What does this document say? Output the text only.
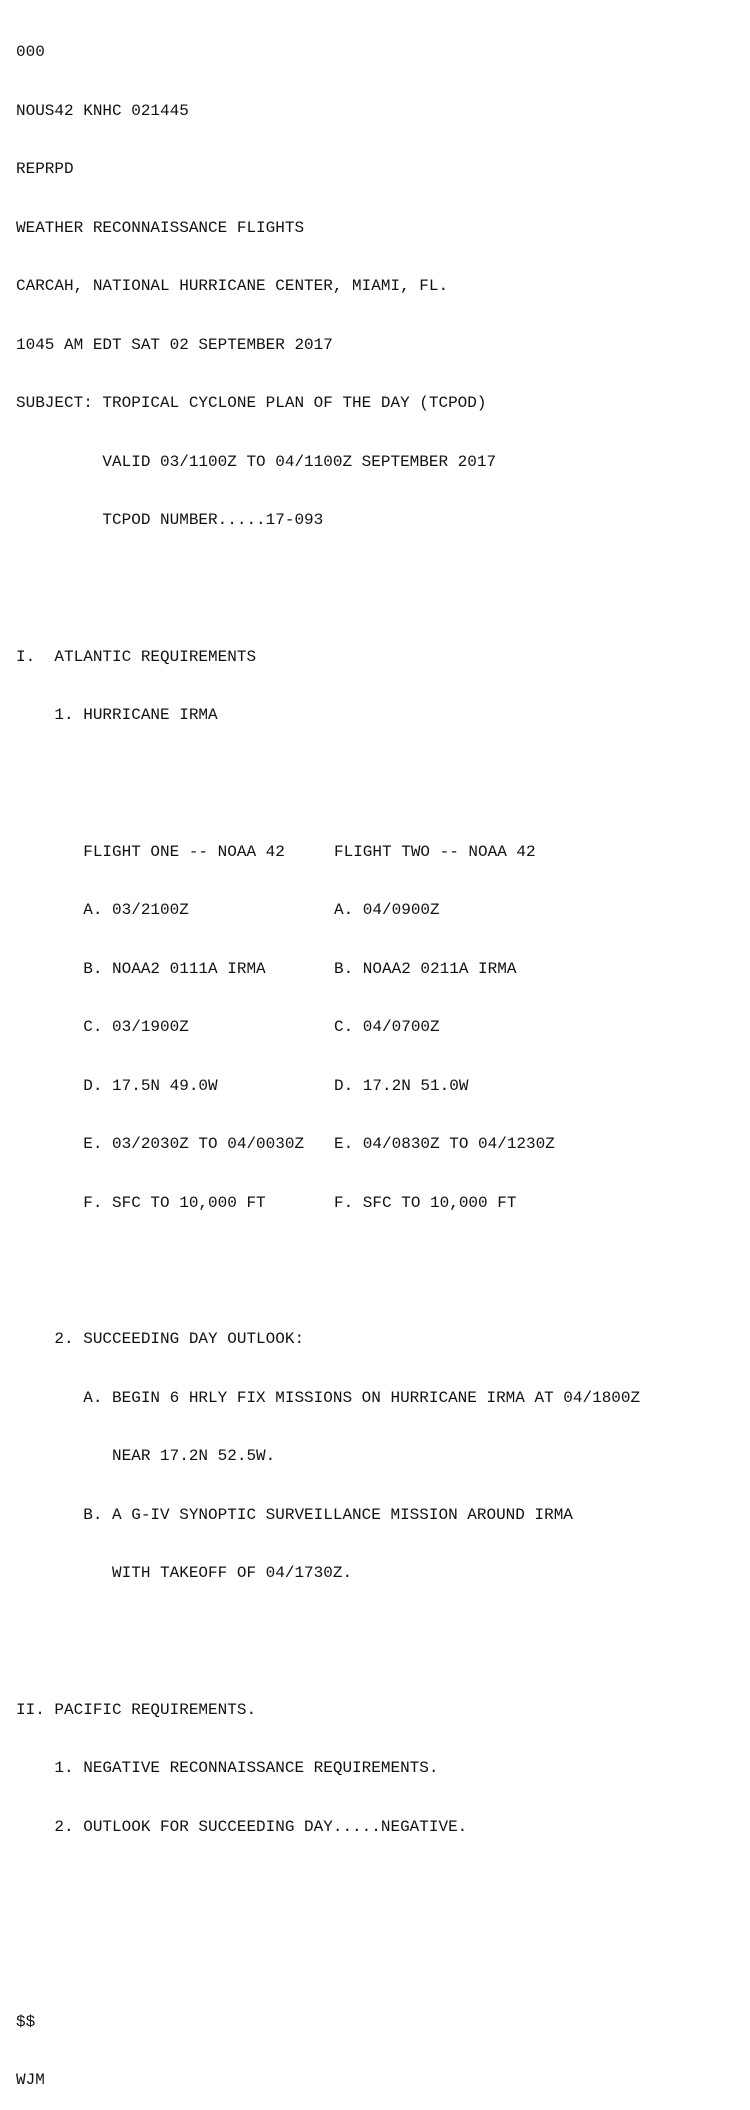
000

NOUS42 KNHC 021445

REPRPD

WEATHER RECONNAISSANCE FLIGHTS

CARCAH, NATIONAL HURRICANE CENTER, MIAMI, FL.

1045 AM EDT SAT 02 SEPTEMBER 2017

SUBJECT: TROPICAL CYCLONE PLAN OF THE DAY (TCPOD)

VALID 03/1100Z TO 04/1100Z SEPTEMBER 2017

TCPOD NUMBER.....17-093

I.  ATLANTIC REQUIREMENTS

1. HURRICANE IRMA

FLIGHT ONE -- NOAA 42	FLIGHT TWO -- NOAA 42

A. 03/2100Z	A. 04/0900Z

B. NOAA2 0111A IRMA	B. NOAA2 0211A IRMA

C. 03/1900Z	C. 04/0700Z

D. 17.5N 49.0W	D. 17.2N 51.0W

E. 03/2030Z TO 04/0030Z E. 04/0830Z TO 04/1230Z

F. SFC TO 10,000 FT	F. SFC TO 10,000 FT

2. SUCCEEDING DAY OUTLOOK:

A. BEGIN 6 HRLY FIX MISSIONS ON HURRICANE IRMA AT 04/1800Z

NEAR 17.2N 52.5W.

B. A G-IV SYNOPTIC SURVEILLANCE MISSION AROUND IRMA

WITH TAKEOFF OF 04/1730Z.

II. PACIFIC REQUIREMENTS.

1. NEGATIVE RECONNAISSANCE REQUIREMENTS.

2. OUTLOOK FOR SUCCEEDING DAY.....NEGATIVE.

$$

WJM
